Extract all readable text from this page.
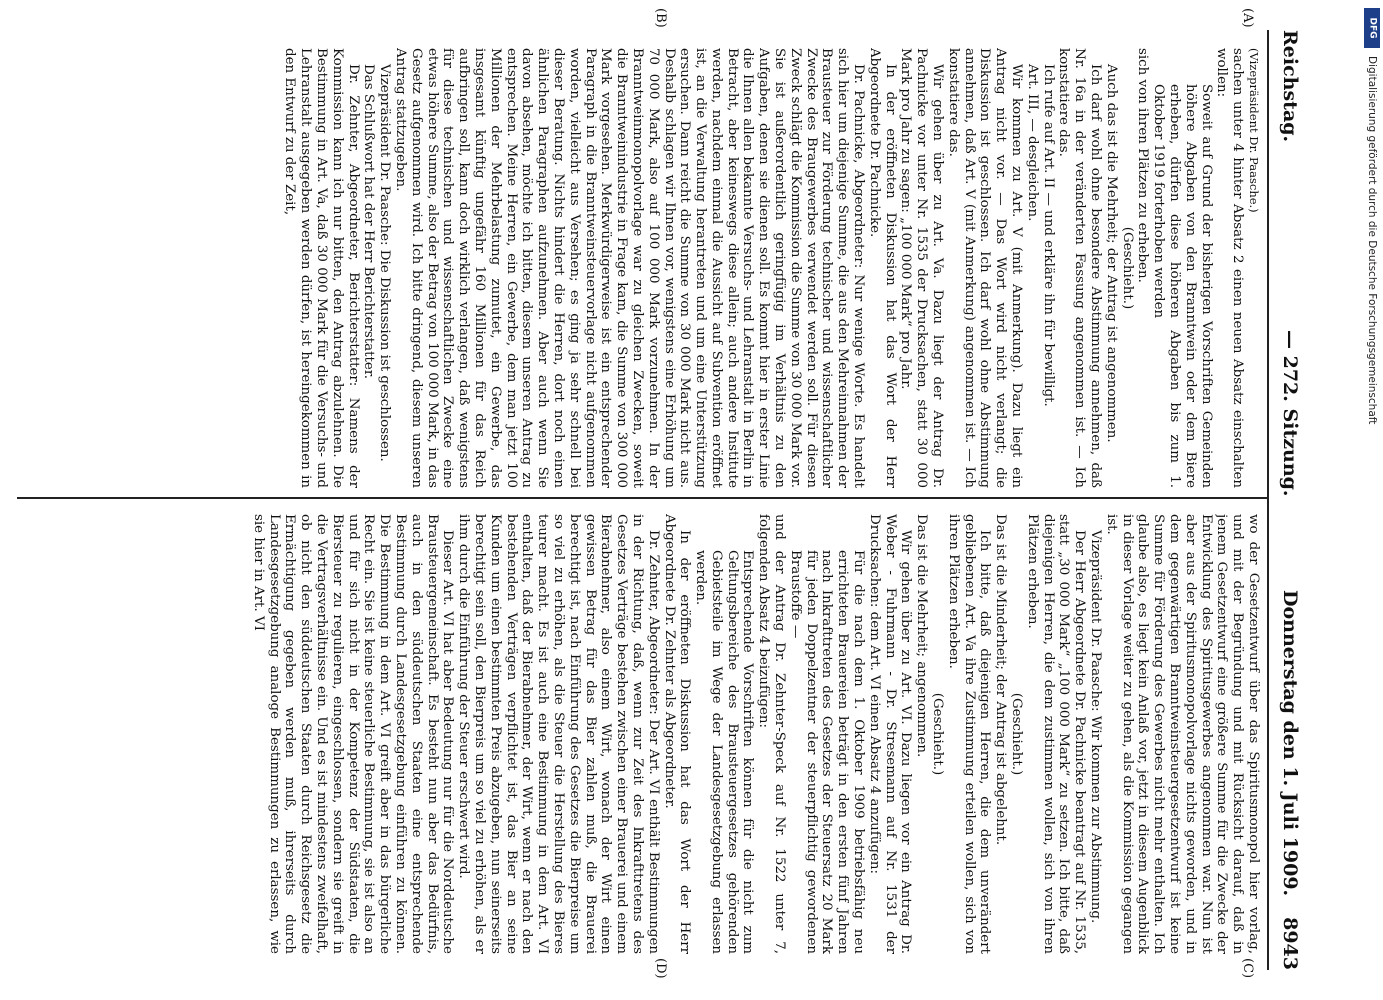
Reichstag.
— 272. Sitzung.
Donnerstag den 1. Juli 1909.
8943
(A)
(B)
(C)
(D)

(Vizepräsident Dr. Paasche.)

sachen unter 4 hinter Absatz 2 einen neuen Absatz einschalten wollen:

Soweit auf Grund der bisherigen Vorschriften Gemeinden höhere Abgaben von den Branntwein oder dem Biere erheben, dürfen diese höheren Abgaben bis zum 1. Oktober 1919 forterhoben werden

sich von ihren Plätzen zu erheben.

(Geschieht.)

Auch das ist die Mehrheit; der Antrag ist angenommen.

Ich darf wohl ohne besondere Abstimmung annehmen, daß Nr. 16a in der veränderten Fassung angenommen ist. — Ich konstatiere das.

Ich rufe auf Art. II — und erkläre ihn für bewilligt.

Art. III, — desgleichen.

Wir kommen zu Art. V (mit Anmerkung). Dazu liegt ein Antrag nicht vor. — Das Wort wird nicht verlangt; die Diskussion ist geschlossen. Ich darf wohl ohne Abstimmung annehmen, daß Art. V (mit Anmerkung) angenommen ist. — Ich konstatiere das.

Wir gehen über zu Art. Va. Dazu liegt der Antrag Dr. Pachnicke vor unter Nr. 1535 der Drucksachen, statt 30 000 Mark pro Jahr zu sagen: „100 000 Mark“ pro Jahr.

In der eröffneten Diskussion hat das Wort der Herr Abgeordnete Dr. Pachnicke.

Dr. Pachnicke, Abgeordneter: Nur wenige Worte. Es handelt sich hier um diejenige Summe, die aus den Mehreinnahmen der Brausteuer zur Förderung technischer und wissenschaftlicher Zwecke des Braugewerbes verwendet werden soll. Für diesen Zweck schlägt die Kommission die Summe von 30 000 Mark vor. Sie ist außerordentlich geringfügig im Verhältnis zu den Aufgaben, denen sie dienen soll. Es kommt hier in erster Linie die Ihnen allen bekannte Versuchs- und Lehranstalt in Berlin in Betracht, aber keineswegs diese allein; auch andere Institute werden, nachdem einmal die Aussicht auf Subvention eröffnet ist, an die Verwaltung herantreten und um eine Unterstützung ersuchen. Dann reicht die Summe von 30 000 Mark nicht aus. Deshalb schlagen wir Ihnen vor, wenigstens eine Erhöhung um 70 000 Mark, also auf 100 000 Mark vorzunehmen. In der Branntweinmonopolvorlage war zu gleichen Zwecken, soweit die Branntweinindustrie in Frage kam, die Summe von 300 000 Mark vorgesehen. Merkwürdigerweise ist ein entsprechender Paragraph in die Branntweinsteuervorlage nicht aufgenommen worden, vielleicht aus Versehen; es ging ja sehr schnell bei dieser Beratung. Nichts hindert die Herren, dort noch einen ähnlichen Paragraphen aufzunehmen. Aber auch wenn Sie davon absehen, möchte ich bitten, diesem unseren Antrag zu entsprechen. Meine Herren, ein Gewerbe, dem man jetzt 100 Millionen der Mehrbelastung zumutet, ein Gewerbe, das insgesamt künftig ungefähr 160 Millionen für das Reich aufbringen soll, kann doch wirklich verlangen, daß wenigstens für diese technischen und wissenschaftlichen Zwecke eine etwas höhere Summe, also der Betrag von 100 000 Mark, in das Gesetz aufgenommen wird. Ich bitte dringend, diesem unseren Antrag stattzugeben.

Vizepräsident Dr. Paasche: Die Diskussion ist geschlossen.

Das Schlußwort hat der Herr Berichterstatter.

Dr. Zehnter, Abgeordneter, Berichterstatter: Namens der Kommission kann ich nur bitten, den Antrag abzulehnen. Die Bestimmung in Art. Va, daß 30 000 Mark für die Versuchs- und Lehranstalt ausgegeben werden dürfen, ist hereingekommen in den Entwurf zu der Zeit,

wo der Gesetzentwurf über das Spiritusmonopol hier vorlag, und mit der Begründung und mit Rücksicht darauf, daß in jenem Gesetzentwurf eine größere Summe für die Zwecke der Entwicklung des Spiritusgewerbes angenommen war. Nun ist aber aus der Spiritusmonopolvorlage nichts geworden, und in dem gegenwärtigen Branntweinsteuergesetzentwurf ist keine Summe für Förderung des Gewerbes nicht mehr enthalten. Ich glaube also, es liegt kein Anlaß vor, jetzt in diesem Augenblick in dieser Vorlage weiter zu gehen, als die Kommission gegangen ist.

Vizepräsident Dr. Paasche: Wir kommen zur Abstimmung.

Der Herr Abgeordnete Dr. Pachnicke beantragt auf Nr. 1535, statt „30 000 Mark“ „100 000 Mark“ zu setzen. Ich bitte, daß diejenigen Herren, die dem zustimmen wollen, sich von ihren Plätzen erheben.

(Geschieht.)

Das ist die Minderheit; der Antrag ist abgelehnt.

Ich bitte, daß diejenigen Herren, die dem unverändert gebliebenen Art. Va ihre Zustimmung erteilen wollen, sich von ihren Plätzen erheben.

(Geschieht.)

Das ist die Mehrheit; angenommen.

Wir gehen über zu Art. VI. Dazu liegen vor ein Antrag Dr. Weber - Fuhrmann - Dr. Stresemann auf Nr. 1531 der Drucksachen: dem Art. VI einen Absatz 4 anzufügen:

Für die nach dem 1. Oktober 1909 betriebsfähig neu errichteten Brauereien beträgt in den ersten fünf Jahren nach Inkrafttreten des Gesetzes der Steuersatz 20 Mark für jeden Doppelzentner der steuerpflichtig gewordenen Braustoffe —

und der Antrag Dr. Zehnter-Speck auf Nr. 1522 unter 7, folgenden Absatz 4 beizufügen:

Entsprechende Vorschriften können für die nicht zum Geltungsbereiche des Brausteuergesetzes gehörenden Gebietsteile im Wege der Landesgesetzgebung erlassen werden.

In der eröffneten Diskussion hat das Wort der Herr Abgeordnete Dr. Zehnter als Abgeordneter.

Dr. Zehnter, Abgeordneter: Der Art. VI enthält Bestimmungen in der Richtung, daß, wenn zur Zeit des Inkrafttretens des Gesetzes Verträge bestehen zwischen einer Brauerei und einem Bierabnehmer, also einem Wirt, wonach der Wirt einen gewissen Betrag für das Bier zahlen muß, die Brauerei berechtigt ist, nach Einführung des Gesetzes die Bierpreise um so viel zu erhöhen, als die Steuer die Herstellung des Bieres teurer macht. Es ist auch eine Bestimmung in dem Art. VI enthalten, daß der Bierabnehmer, der Wirt, wenn er nach den bestehenden Verträgen verpflichtet ist, das Bier an seine Kunden um einen bestimmten Preis abzugeben, nun seinerseits berechtigt sein soll, den Bierpreis um so viel zu erhöhen, als er ihm durch die Einführung der Steuer erschwert wird.

Dieser Art. VI hat aber Bedeutung nur für die Norddeutsche Brausteuergemeinschaft. Es besteht nun aber das Bedürfnis, auch in den süddeutschen Staaten eine entsprechende Bestimmung durch Landesgesetzgebung einführen zu können. Die Bestimmung in dem Art. VI greift aber in das bürgerliche Recht ein. Sie ist keine steuerliche Bestimmung, sie ist also an und für sich nicht in der Kompetenz der Südstaaten, die Biersteuer zu regulieren, eingeschlossen, sondern sie greift in die Vertragsverhältnisse ein. Und es ist mindestens zweifelhaft, ob nicht den süddeutschen Staaten durch Reichsgesetz die Ermächtigung gegeben werden muß, ihrerseits durch Landesgesetzgebung analoge Bestimmungen zu erlassen, wie sie hier in Art. VI

DFG
Digitalisierung gefördert durch die Deutsche Forschungsgemeinschaft
